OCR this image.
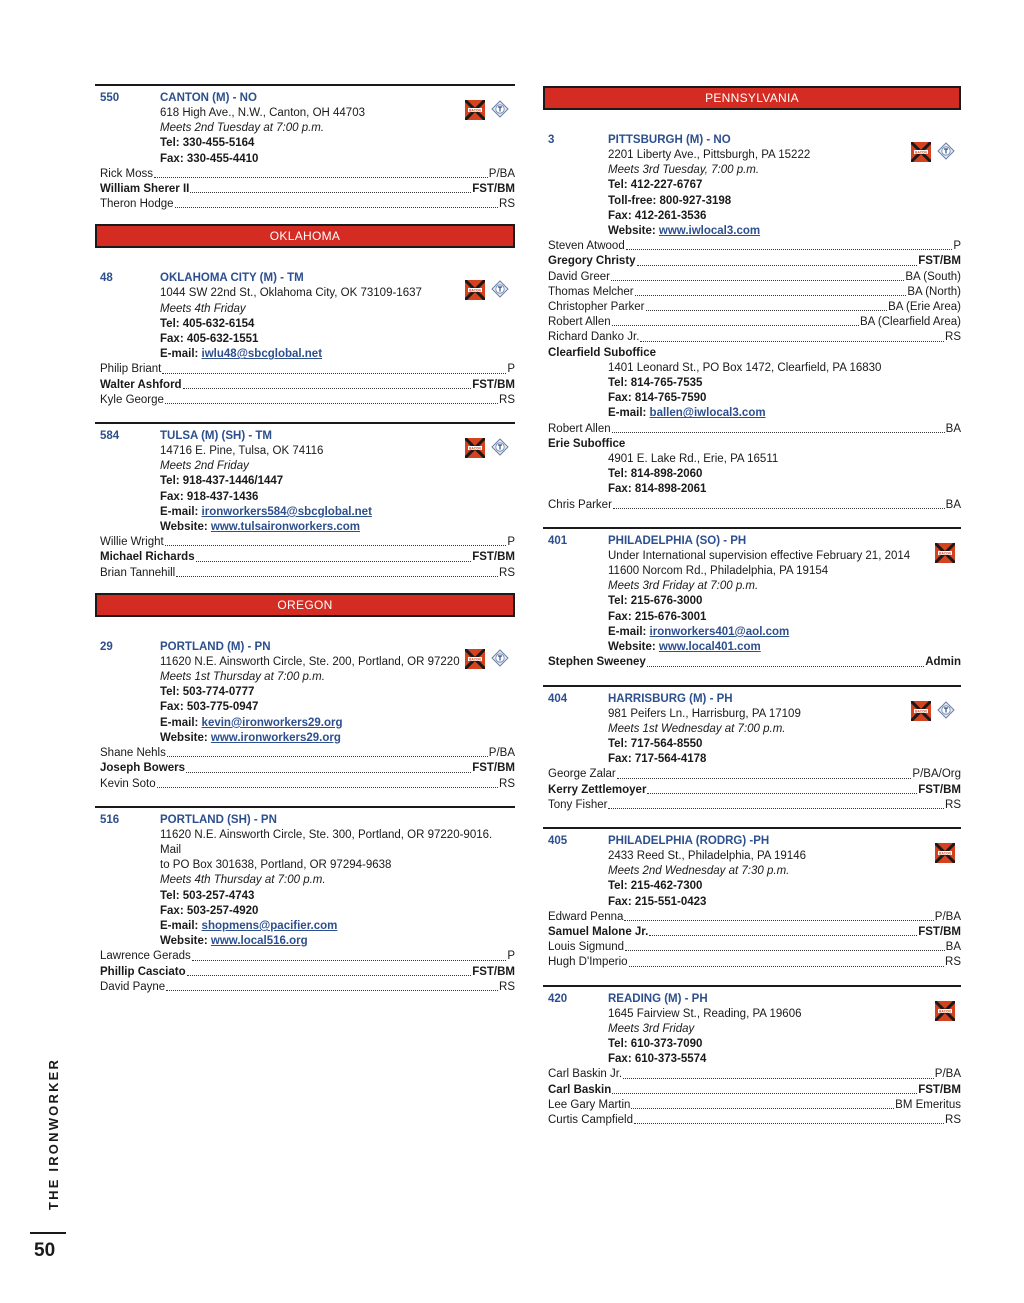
550	CANTON (M) - NO
BACON
618 High Ave., N.W., Canton, OH 44703
Meets 2nd Tuesday at 7:00 p.m.
Tel: 330-455-5164
Fax: 330-455-4410
Rick Moss	P/BA
William Sherer II	FST/BM
Theron Hodge	RS
OKLAHOMA
48	OKLAHOMA CITY (M) - TM
BACON
1044 SW 22nd St., Oklahoma City, OK 73109-1637
Meets 4th Friday
Tel: 405-632-6154
Fax: 405-632-1551
E-mail: iwlu48@sbcglobal.net
Philip Briant	P
Walter Ashford	FST/BM
Kyle George	RS
584	TULSA (M) (SH) - TM
BACON
14716 E. Pine, Tulsa, OK 74116
Meets 2nd Friday
Tel: 918-437-1446/1447
Fax: 918-437-1436
E-mail: ironworkers584@sbcglobal.net
Website: www.tulsaironworkers.com
Willie Wright	P
Michael Richards	FST/BM
Brian Tannehill	RS
OREGON
29	PORTLAND (M) - PN
BACON
11620 N.E. Ainsworth Circle, Ste. 200, Portland, OR 97220
Meets 1st Thursday at 7:00 p.m.
Tel: 503-774-0777
Fax: 503-775-0947
E-mail: kevin@ironworkers29.org
Website: www.ironworkers29.org
Shane Nehls	P/BA
Joseph Bowers	FST/BM
Kevin Soto	RS
516	PORTLAND (SH) - PN
11620 N.E. Ainsworth Circle, Ste. 300, Portland, OR 97220-9016. Mail
to PO Box 301638, Portland, OR 97294-9638
Meets 4th Thursday at 7:00 p.m.
Tel: 503-257-4743
Fax: 503-257-4920
E-mail: shopmens@pacifier.com
Website: www.local516.org
Lawrence Gerads	P
Phillip Casciato	FST/BM
David Payne	RS
PENNSYLVANIA
3	PITTSBURGH (M) - NO
BACON
2201 Liberty Ave., Pittsburgh, PA 15222
Meets 3rd Tuesday, 7:00 p.m.
Tel: 412-227-6767
Toll-free: 800-927-3198
Fax: 412-261-3536
Website: www.iwlocal3.com
Steven Atwood	P
Gregory Christy	FST/BM
David Greer	BA (South)
Thomas Melcher	BA (North)
Christopher Parker	BA (Erie Area)
Robert Allen	BA (Clearfield Area)
Richard Danko Jr.	RS
Clearfield Suboffice
1401 Leonard St., PO Box 1472, Clearfield, PA 16830
Tel: 814-765-7535
Fax: 814-765-7590
E-mail: ballen@iwlocal3.com
Robert Allen	BA
Erie Suboffice
4901 E. Lake Rd., Erie, PA 16511
Tel: 814-898-2060
Fax: 814-898-2061
Chris Parker	BA
401	PHILADELPHIA (SO) - PH
BACON
Under International supervision effective February 21, 2014
11600 Norcom Rd., Philadelphia, PA 19154
Meets 3rd Friday at 7:00 p.m.
Tel: 215-676-3000
Fax: 215-676-3001
E-mail: ironworkers401@aol.com
Website: www.local401.com
Stephen Sweeney	Admin
404	HARRISBURG (M) - PH
BACON
981 Peifers Ln., Harrisburg, PA 17109
Meets 1st Wednesday at 7:00 p.m.
Tel: 717-564-8550
Fax: 717-564-4178
George Zalar	P/BA/Org
Kerry Zettlemoyer	FST/BM
Tony Fisher	RS
405	PHILADELPHIA (RODRG) -PH
BACON
2433 Reed St., Philadelphia, PA 19146
Meets 2nd Wednesday at 7:30 p.m.
Tel: 215-462-7300
Fax: 215-551-0423
Edward Penna	P/BA
Samuel Malone Jr.	FST/BM
Louis Sigmund	BA
Hugh D'Imperio	RS
420	READING (M) - PH
BACON
1645 Fairview St., Reading, PA 19606
Meets 3rd Friday
Tel: 610-373-7090
Fax: 610-373-5574
Carl Baskin Jr.	P/BA
Carl Baskin	FST/BM
Lee Gary Martin	BM Emeritus
Curtis Campfield	RS
THE IRONWORKER
50
